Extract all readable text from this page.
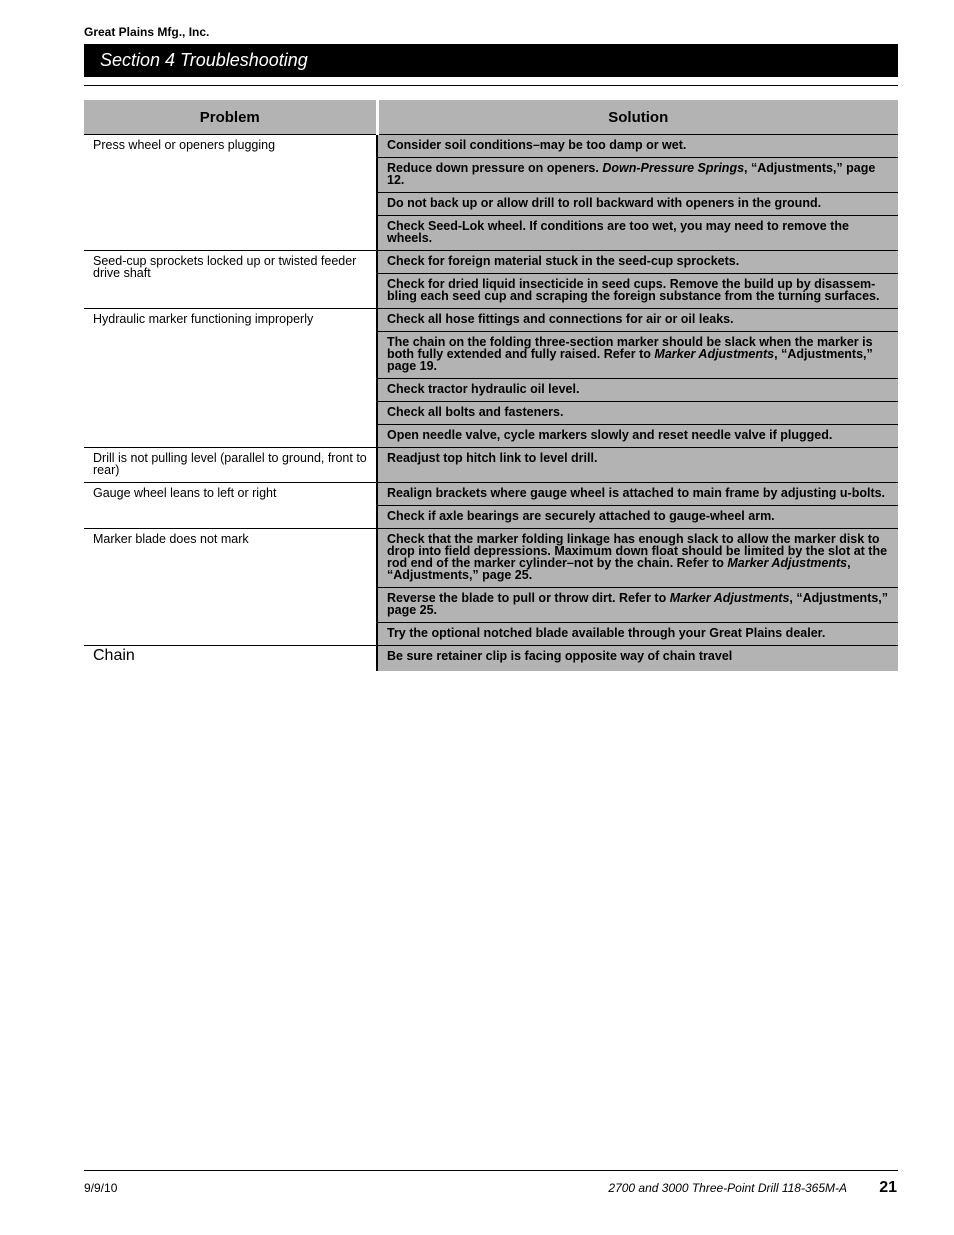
Great Plains Mfg., Inc.
Section 4 Troubleshooting
Problem	Solution
Press wheel or openers plugging	Consider soil conditions–may be too damp or wet.
	Reduce down pressure on openers. Down-Pressure Springs, “Adjustments,” page 12.
	Do not back up or allow drill to roll backward with openers in the ground.
	Check Seed-Lok wheel. If conditions are too wet, you may need to remove the wheels.
Seed-cup sprockets locked up or twisted feeder drive shaft	Check for foreign material stuck in the seed-cup sprockets.
	Check for dried liquid insecticide in seed cups. Remove the build up by disassem-bling each seed cup and scraping the foreign substance from the turning surfaces.
Hydraulic marker functioning improperly	Check all hose fittings and connections for air or oil leaks.
	The chain on the folding three-section marker should be slack when the marker is both fully extended and fully raised. Refer to Marker Adjustments, “Adjustments,” page 19.
	Check tractor hydraulic oil level.
	Check all bolts and fasteners.
	Open needle valve, cycle markers slowly and reset needle valve if plugged.
Drill is not pulling level (parallel to ground, front to rear)	Readjust top hitch link to level drill.
Gauge wheel leans to left or right	Realign brackets where gauge wheel is attached to main frame by adjusting u-bolts.
	Check if axle bearings are securely attached to gauge-wheel arm.
Marker blade does not mark	Check that the marker folding linkage has enough slack to allow the marker disk to drop into field depressions. Maximum down float should be limited by the slot at the rod end of the marker cylinder–not by the chain. Refer to Marker Adjustments, “Adjustments,” page 25.
	Reverse the blade to pull or throw dirt. Refer to Marker Adjustments, “Adjustments,” page 25.
	Try the optional notched blade available through your Great Plains dealer.
Chain	Be sure retainer clip is facing opposite way of chain travel
9/9/10	2700 and 3000 Three-Point Drill 118-365M-A 21
